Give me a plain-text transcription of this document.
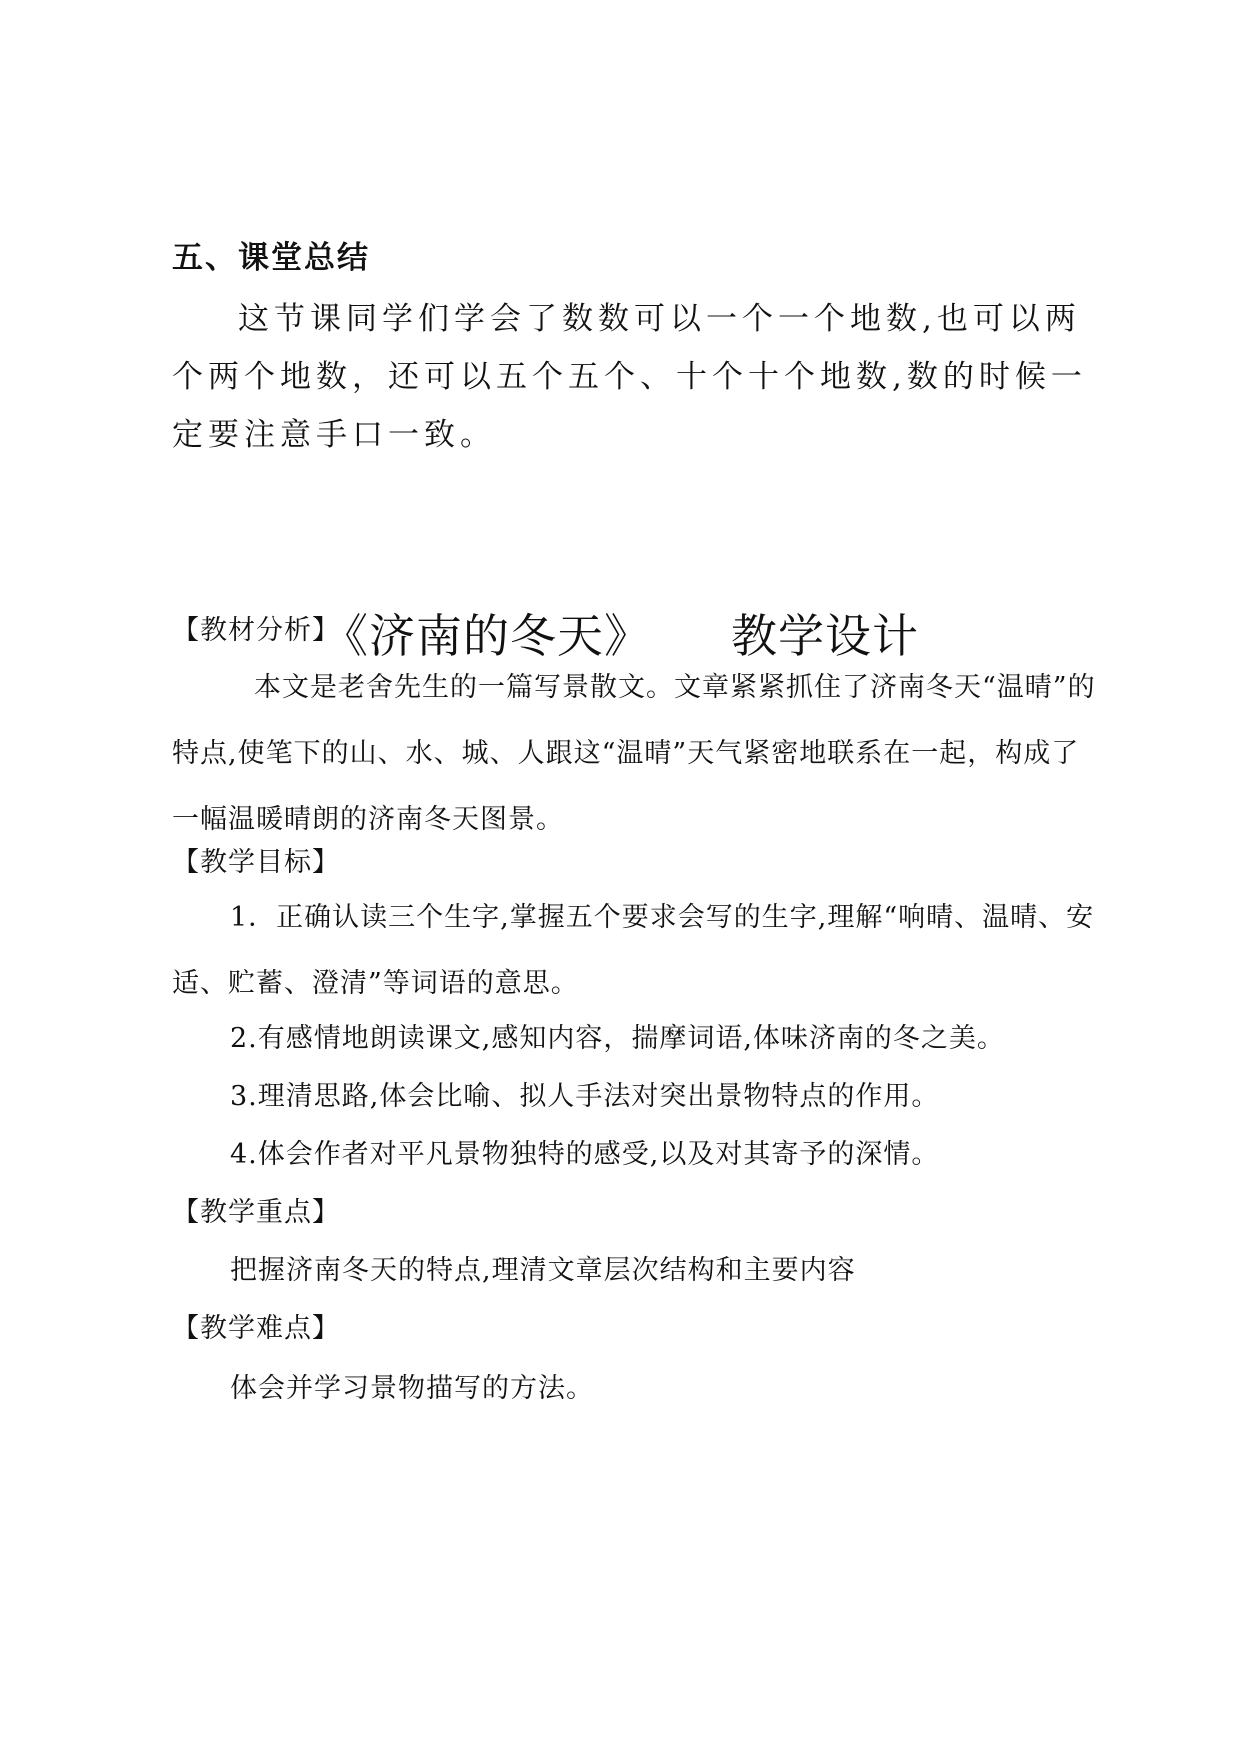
五、课堂总结

这节课同学们学会了数数可以一个一个地数,也可以两个两个地数，还可以五个五个、十个十个地数,数的时候一定要注意手口一致。

《济南的冬天》 教学设计
【教材分析】

本文是老舍先生的一篇写景散文。文章紧紧抓住了济南冬天“温晴”的特点,使笔下的山、水、城、人跟这“温晴”天气紧密地联系在一起，构成了一幅温暖晴朗的济南冬天图景。

【教学目标】

1．正确认读三个生字,掌握五个要求会写的生字,理解“响晴、温晴、安适、贮蓄、澄清”等词语的意思。

2.有感情地朗读课文,感知内容，揣摩词语,体味济南的冬之美。
3.理清思路,体会比喻、拟人手法对突出景物特点的作用。
4.体会作者对平凡景物独特的感受,以及对其寄予的深情。
【教学重点】
把握济南冬天的特点,理清文章层次结构和主要内容
【教学难点】
体会并学习景物描写的方法。
